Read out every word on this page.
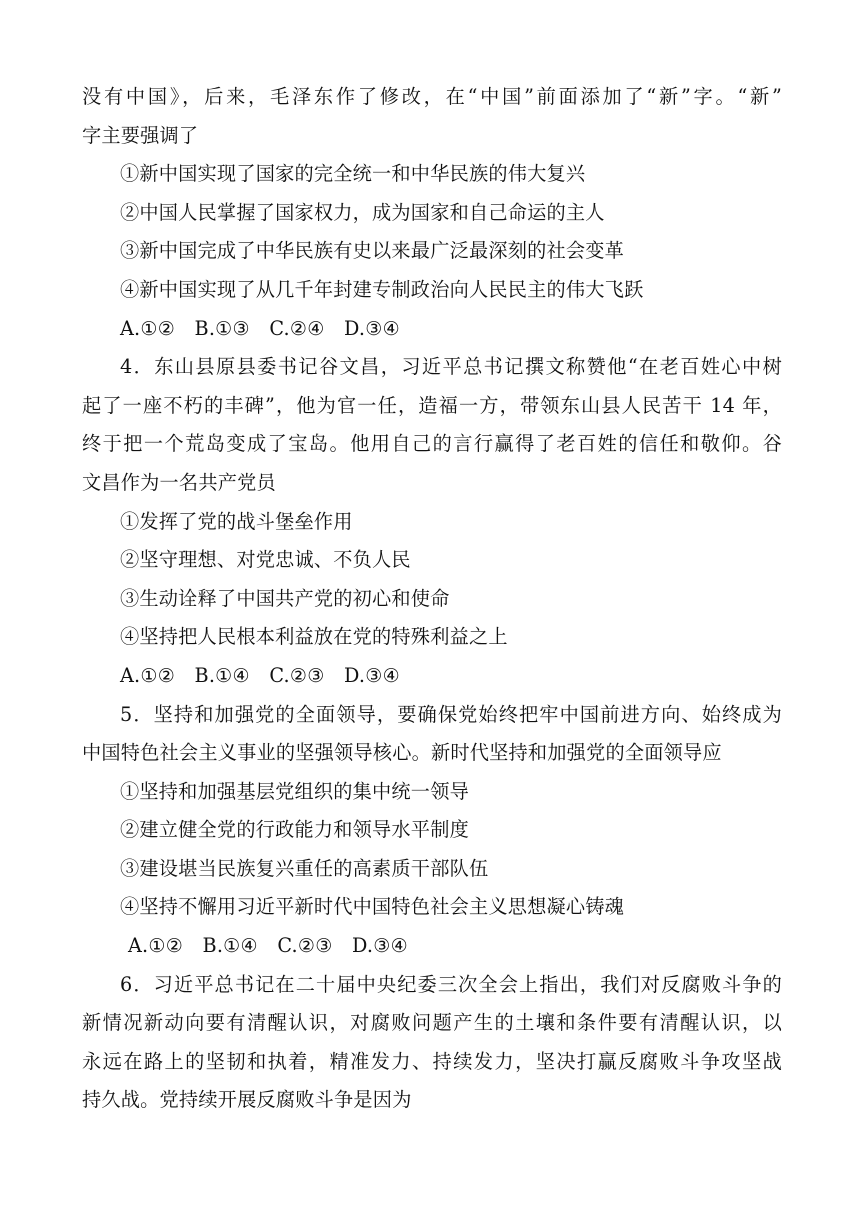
没有中国》，后来，毛泽东作了修改，在“中国”前面添加了“新”字。“新”
字主要强调了
①新中国实现了国家的完全统一和中华民族的伟大复兴
②中国人民掌握了国家权力，成为国家和自己命运的主人
③新中国完成了中华民族有史以来最广泛最深刻的社会变革
④新中国实现了从几千年封建专制政治向人民民主的伟大飞跃
A.①②　B.①③　C.②④　D.③④
4．东山县原县委书记谷文昌，习近平总书记撰文称赞他“在老百姓心中树
起了一座不朽的丰碑”，他为官一任，造福一方，带领东山县人民苦干 14 年，
终于把一个荒岛变成了宝岛。他用自己的言行赢得了老百姓的信任和敬仰。谷
文昌作为一名共产党员
①发挥了党的战斗堡垒作用
②坚守理想、对党忠诚、不负人民
③生动诠释了中国共产党的初心和使命
④坚持把人民根本利益放在党的特殊利益之上
A.①②　B.①④　C.②③　D.③④
5．坚持和加强党的全面领导，要确保党始终把牢中国前进方向、始终成为
中国特色社会主义事业的坚强领导核心。新时代坚持和加强党的全面领导应
①坚持和加强基层党组织的集中统一领导
②建立健全党的行政能力和领导水平制度
③建设堪当民族复兴重任的高素质干部队伍
④坚持不懈用习近平新时代中国特色社会主义思想凝心铸魂
A.①②　B.①④　C.②③　D.③④
6．习近平总书记在二十届中央纪委三次全会上指出，我们对反腐败斗争的
新情况新动向要有清醒认识，对腐败问题产生的土壤和条件要有清醒认识，以
永远在路上的坚韧和执着，精准发力、持续发力，坚决打赢反腐败斗争攻坚战
持久战。党持续开展反腐败斗争是因为
